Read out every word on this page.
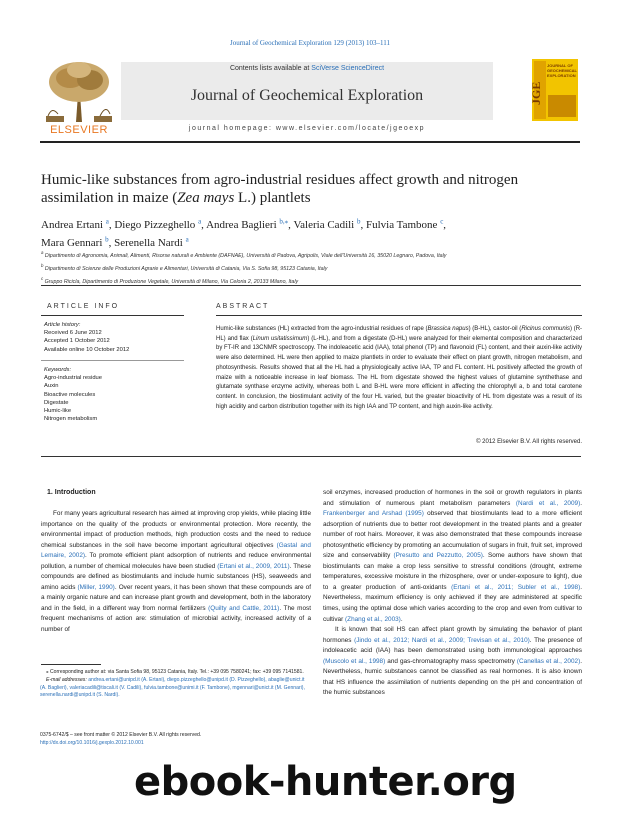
Journal of Geochemical Exploration 129 (2013) 103–111
ELSEVIER
Contents lists available at SciVerse ScienceDirect
Journal of Geochemical Exploration
journal homepage: www.elsevier.com/locate/jgeoexp
JGE
JOURNAL OF GEOCHEMICAL EXPLORATION
Humic-like substances from agro-industrial residues affect growth and nitrogen assimilation in maize (Zea mays L.) plantlets
Andrea Ertani $^a$, Diego Pizzeghello $^a$, Andrea Baglieri $^{b,⁎}$, Valeria Cadili $^b$, Fulvia Tambone $^c$,
Mara Gennari $^b$, Serenella Nardi $^a$
$^a$ Dipartimento di Agronomia, Animali, Alimenti, Risorse naturali e Ambiente (DAFNAE), Università di Padova, Agripolis, Viale dell'Università 16, 35020 Legnaro, Padova, Italy
$^b$ Dipartimento di Scienze delle Produzioni Agrarie e Alimentari, Università di Catania, Via S. Sofia 98, 95123 Catania, Italy
$^c$ Gruppo Ricicla, Dipartimento di Produzione Vegetale, Università di Milano, Via Celoria 2, 20133 Milano, Italy
ARTICLE INFO	ABSTRACT
Article history:
Received 6 June 2012
Accepted 1 October 2012
Available online 10 October 2012
Keywords:
Agro-industrial residue
Auxin
Bioactive molecules
Digestate
Humic-like
Nitrogen metabolism
Humic-like substances (HL) extracted from the agro-industrial residues of rape (Brassica napus) (B-HL), castor-oil (Ricinus communis) (R-HL) and flax (Linum usitatissimum) (L-HL), and from a digestate (D-HL) were analyzed for their elemental composition and characterized by FT-IR and 13CNMR spectroscopy. The indoleacetic acid (IAA), total phenol (TP) and flavonoid (FL) content, and their auxin-like activity were also determined. HL were then applied to maize plantlets in order to evaluate their effect on plant growth, nitrogen metabolism, and photosynthesis. Results showed that all the HL had a physiologically active IAA, TP and FL content. HL positively affected the growth of maize with a noticeable increase in leaf biomass. The HL from digestate showed the highest values of glutamine synthethase and glutamate synthase enzyme activity, whereas both L and B-HL were more efficient in affecting the chlorophyll a, b and total carotene content. In conclusion, the biostimulant activity of the four HL varied, but the greater bioactivity of HL from digestate was a result of its high acidity and carbon distribution together with its high IAA and TP content, and high auxin-like activity.
© 2012 Elsevier B.V. All rights reserved.
1. Introduction
For many years agricultural research has aimed at improving crop yields, while placing little importance on the quality of the products or environmental protection. More recently, the environmental impact of production methods, high production costs and the need to reduce chemical substances in the soil have become important agricultural objectives (Gastal and Lemaire, 2002). To promote efficient plant adsorption of nutrients and reduce environmental pollution, a number of chemical molecules have been studied (Ertani et al., 2009, 2011). These compounds are defined as biostimulants and include humic substances (HS), seaweeds and amino acids (Miller, 1990). Over recent years, it has been shown that these compounds are of a mainly organic nature and can increase plant growth and development, both in the laboratory and in the field, in a different way from normal fertilizers (Quilty and Cattle, 2011). The most frequent mechanisms of action are: stimulation of microbial activity, increased activity of a number of
soil enzymes, increased production of hormones in the soil or growth regulators in plants and stimulation of numerous plant metabolism parameters (Nardi et al., 2009). Frankenberger and Arshad (1995) observed that biostimulants lead to a more efficient adsorption of nutrients due to better root development in the treated plants and a greater number of root hairs. Moreover, it was also demonstrated that these compounds increase photosynthetic efficiency by promoting an accumulation of sugars in fruit, fruit set, improved size and conservability (Presutto and Pezzutto, 2005). Some authors have shown that biostimulants can make a crop less sensitive to stressful conditions (drought, extreme temperatures, excessive moisture in the rhizosphere, over or under-exposure to light), due to a greater production of anti-oxidants (Ertani et al., 2011; Subler et al., 1998). Nevertheless, maximum efficiency is only achieved if they are administered at specific times, using the optimal dose which varies according to the crop and even from cultivar to cultivar (Zhang et al., 2003).
It is known that soil HS can affect plant growth by simulating the behavior of plant hormones (Jindo et al., 2012; Nardi et al., 2009; Trevisan et al., 2010). The presence of indoleacetic acid (IAA) has been demonstrated using both immunological approaches (Muscolo et al., 1998) and gas-chromatography mass spectrometry (Canellas et al., 2002). Nevertheless, humic substances cannot be classified as real hormones. It is also known that HS influence the assimilation of nutrients depending on the pH and concentration of the humic substances
⁎ Corresponding author at: via Santa Sofia 98, 95123 Catania, Italy. Tel.: +39 095 7580241; fax: +39 095 7141581.
E-mail addresses: andrea.ertani@unipd.it (A. Ertani), diego.pizzeghello@unipd.it (D. Pizzeghello), abaglie@unict.it (A. Baglieri), valeriacadili@tiscali.it (V. Cadili), fulvia.tambone@unimi.it (F. Tambone), mgennari@unict.it (M. Gennari), serenella.nardi@unipd.it (S. Nardi).
0375-6742/$ – see front matter © 2012 Elsevier B.V. All rights reserved.
http://dx.doi.org/10.1016/j.gexplo.2012.10.001
ebook-hunter.org
